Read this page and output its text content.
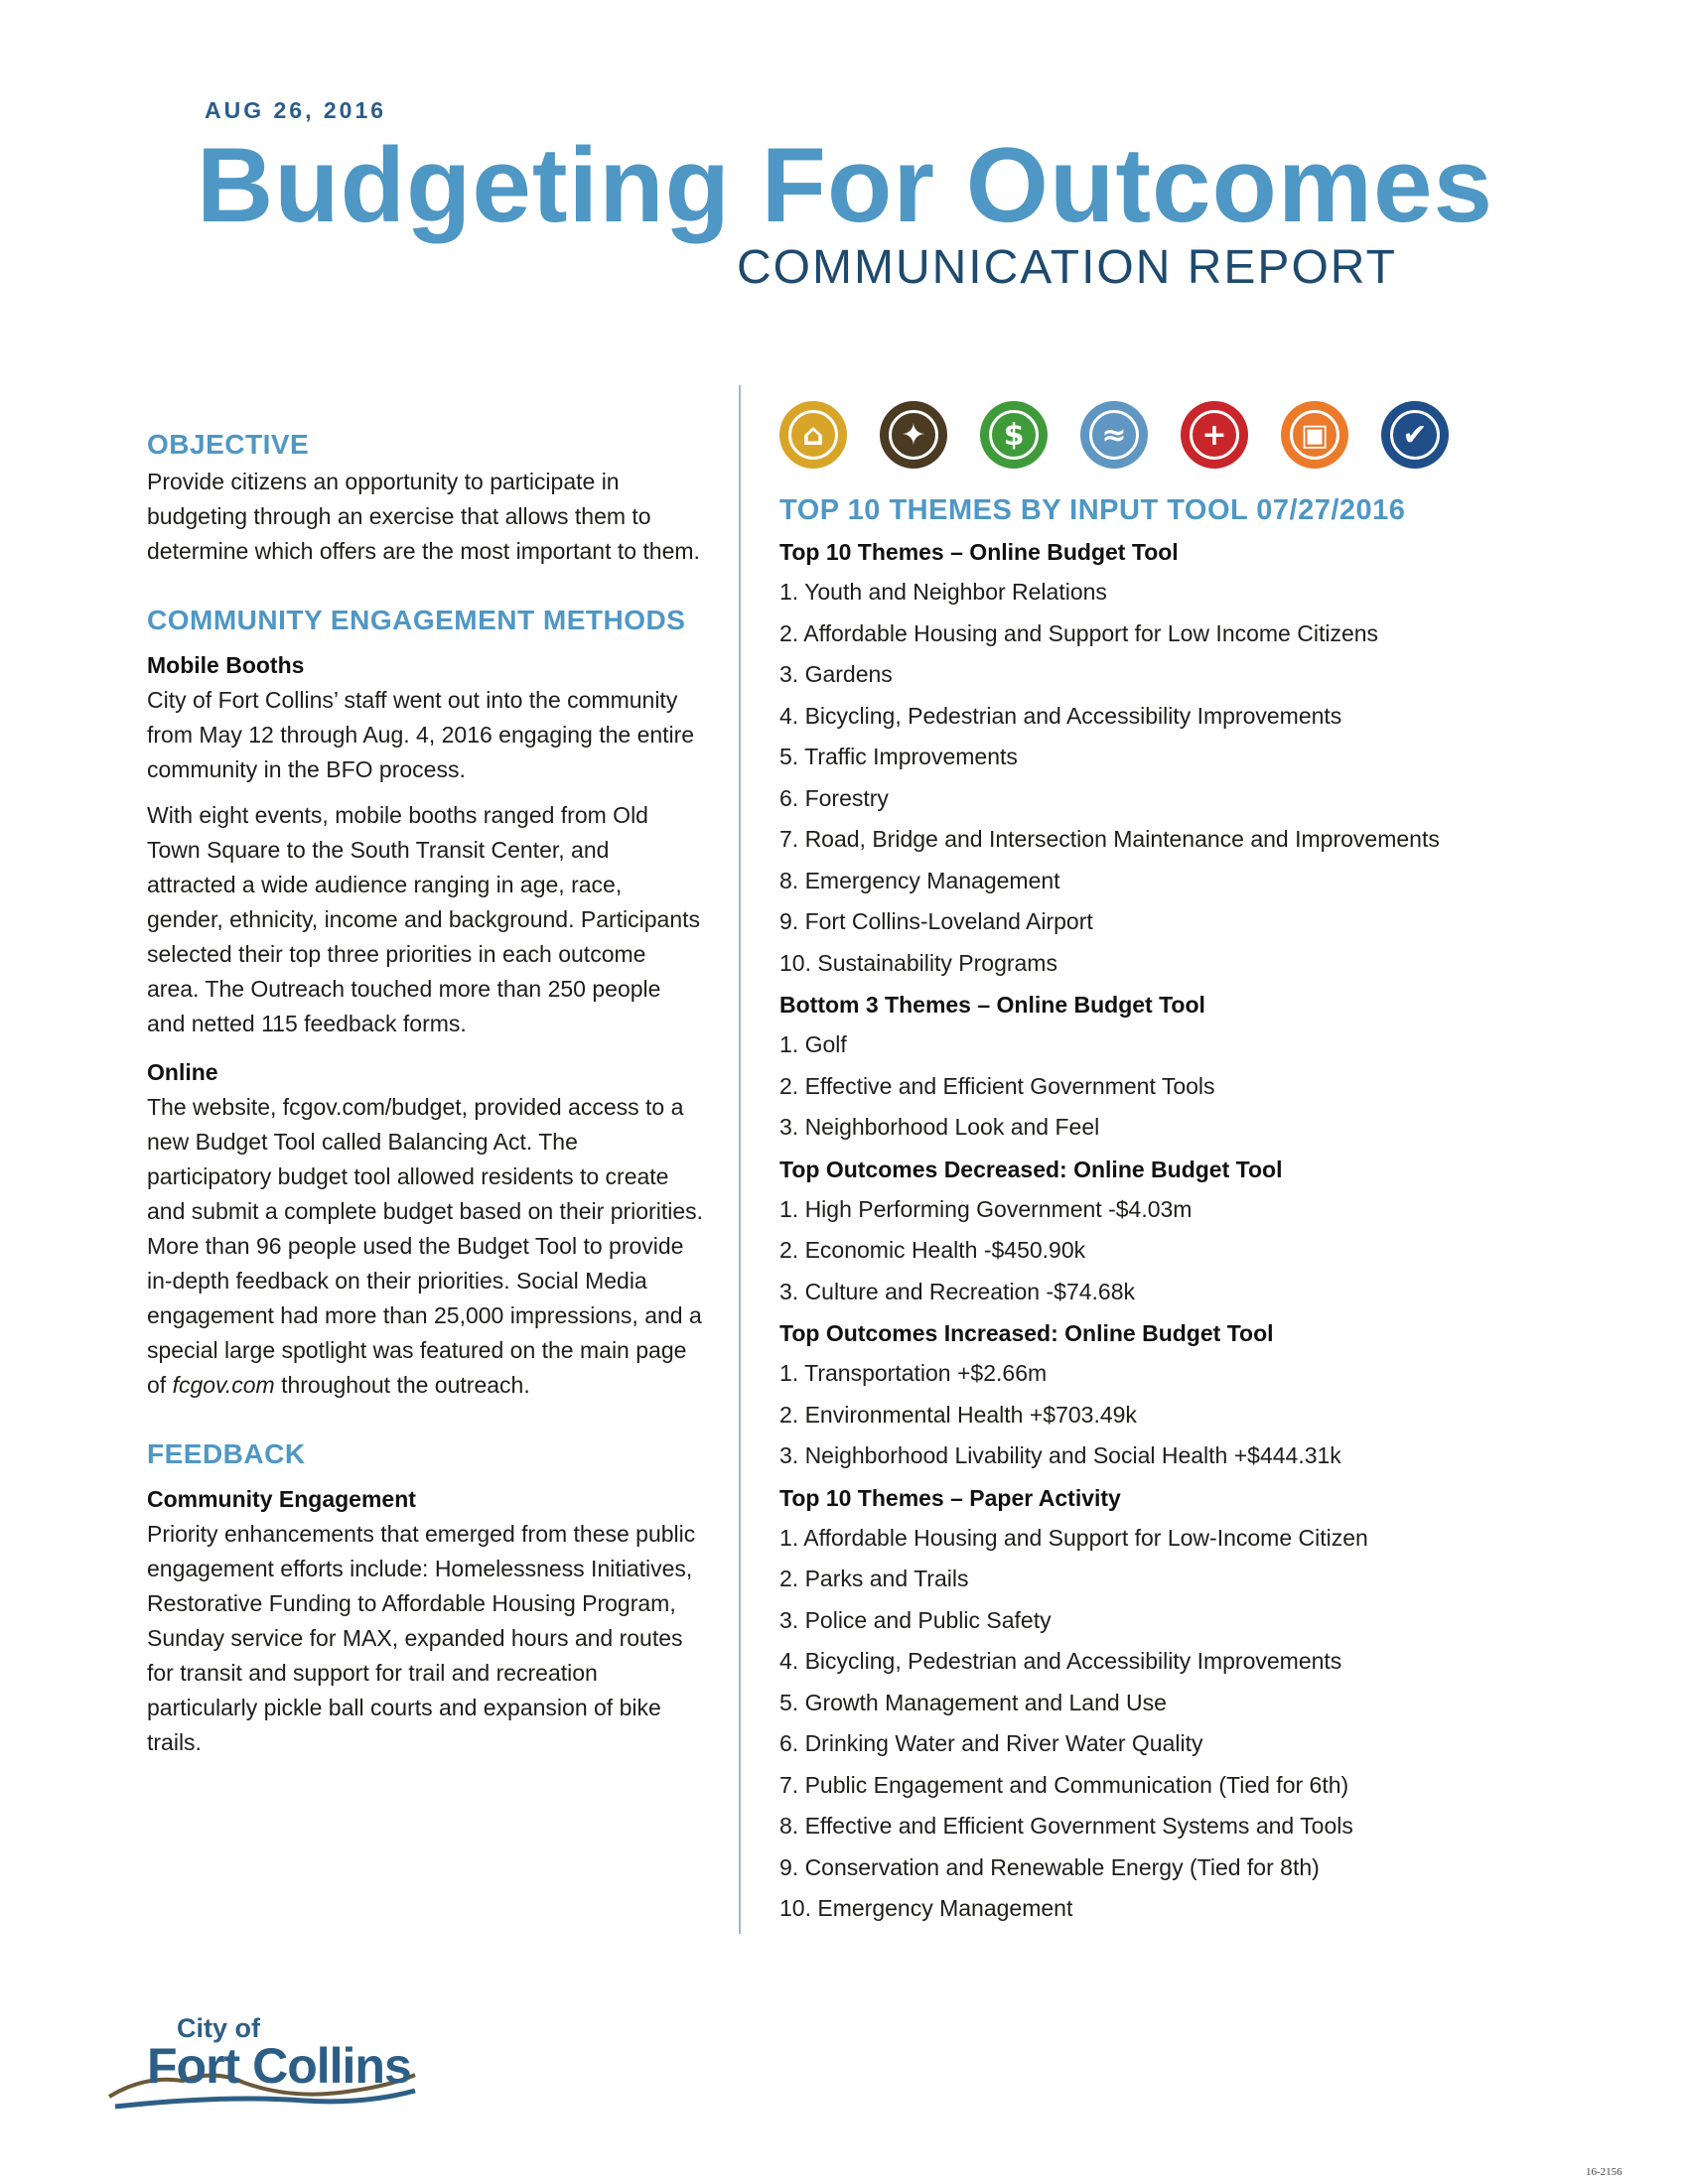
AUG 26, 2016
Budgeting For Outcomes
COMMUNICATION REPORT
OBJECTIVE

Provide citizens an opportunity to participate in budgeting through an exercise that allows them to determine which offers are the most important to them.

COMMUNITY ENGAGEMENT METHODS
Mobile Booths

City of Fort Collins’ staff went out into the community from May 12 through Aug. 4, 2016 engaging the entire community in the BFO process.

With eight events, mobile booths ranged from Old Town Square to the South Transit Center, and attracted a wide audience ranging in age, race, gender, ethnicity, income and background. Participants selected their top three priorities in each outcome area. The Outreach touched more than 250 people and netted 115 feedback forms.

Online

The website, fcgov.com/budget, provided access to a new Budget Tool called Balancing Act. The participatory budget tool allowed residents to create and submit a complete budget based on their priorities. More than 96 people used the Budget Tool to provide in-depth feedback on their priorities. Social Media engagement had more than 25,000 impressions, and a special large spotlight was featured on the main page of fcgov.com throughout the outreach.

FEEDBACK
Community Engagement

Priority enhancements that emerged from these public engagement efforts include: Homelessness Initiatives, Restorative Funding to Affordable Housing Program, Sunday service for MAX, expanded hours and routes for transit and support for trail and recreation particularly pickle ball courts and expansion of bike trails.

⌂	✦	$	≈	+	▣	✔
TOP 10 THEMES BY INPUT TOOL 07/27/2016
Top 10 Themes – Online Budget Tool
1. Youth and Neighbor Relations
2. Affordable Housing and Support for Low Income Citizens
3. Gardens
4. Bicycling, Pedestrian and Accessibility Improvements
5. Traffic Improvements
6. Forestry
7. Road, Bridge and Intersection Maintenance and Improvements
8. Emergency Management
9. Fort Collins-Loveland Airport
10. Sustainability Programs
Bottom 3 Themes – Online Budget Tool
1. Golf
2. Effective and Efficient Government Tools
3. Neighborhood Look and Feel
Top Outcomes Decreased: Online Budget Tool
1. High Performing Government -$4.03m
2. Economic Health -$450.90k
3. Culture and Recreation -$74.68k
Top Outcomes Increased: Online Budget Tool
1. Transportation +$2.66m
2. Environmental Health +$703.49k
3. Neighborhood Livability and Social Health +$444.31k
Top 10 Themes – Paper Activity
1. Affordable Housing and Support for Low-Income Citizen
2. Parks and Trails
3. Police and Public Safety
4. Bicycling, Pedestrian and Accessibility Improvements
5. Growth Management and Land Use
6. Drinking Water and River Water Quality
7. Public Engagement and Communication (Tied for 6th)
8. Effective and Efficient Government Systems and Tools
9. Conservation and Renewable Energy (Tied for 8th)
10. Emergency Management
City of
Fort Collins
16-2156
